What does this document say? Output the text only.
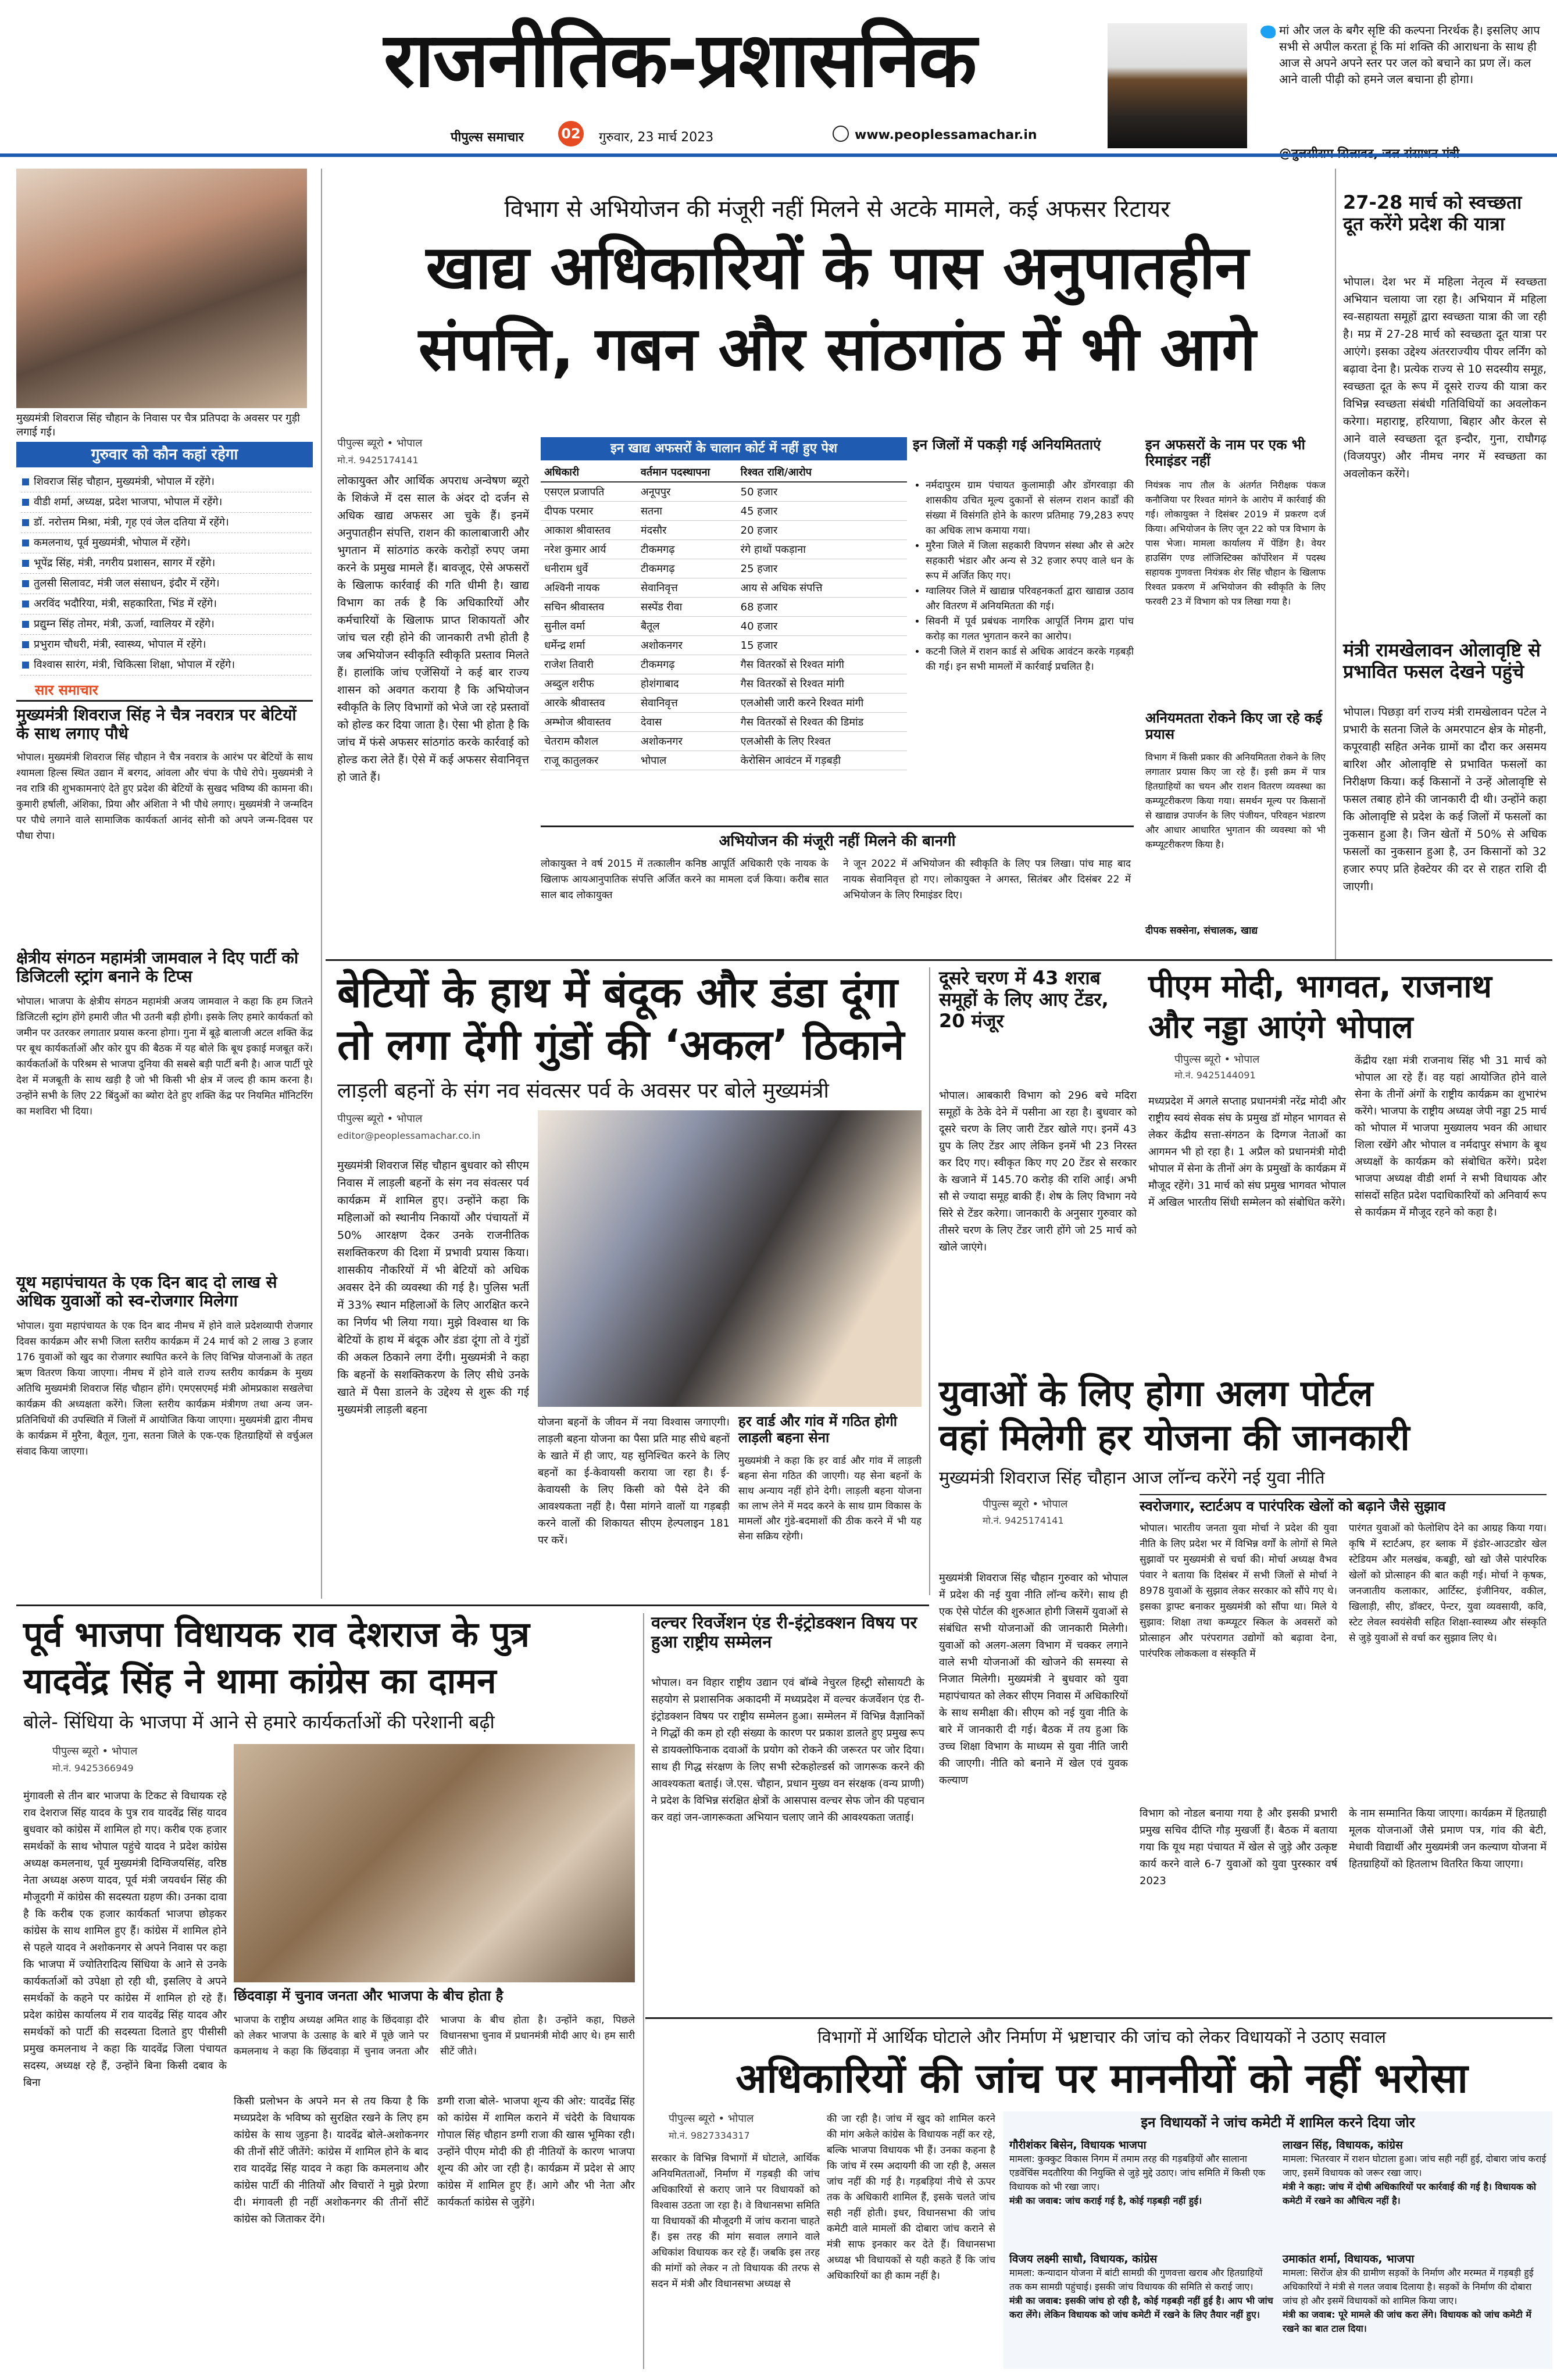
राजनीतिक-प्रशासनिक
पीपुल्स समाचार	02 गुरुवार, 23 मार्च 2023	www.peoplessamachar.in
मां और जल के बगैर सृष्टि की कल्पना निरर्थक है। इसलिए आप सभी से अपील करता हूं कि मां शक्ति की आराधना के साथ ही आज से अपने अपने स्तर पर जल को बचाने का प्रण लें। कल आने वाली पीढ़ी को हमने जल बचाना ही होगा।
मुख्यमंत्री शिवराज सिंह चौहान के निवास पर चैत्र प्रतिपदा के अवसर पर गुड़ी लगाई गई।
गुरुवार को कौन कहां रहेगा
शिवराज सिंह चौहान, मुख्यमंत्री, भोपाल में रहेंगे।
वीडी शर्मा, अध्यक्ष, प्रदेश भाजपा, भोपाल में रहेंगे।
डॉ. नरोत्तम मिश्रा, मंत्री, गृह एवं जेल दतिया में रहेंगे।
कमलनाथ, पूर्व मुख्यमंत्री, भोपाल में रहेंगे।
भूपेंद्र सिंह, मंत्री, नगरीय प्रशासन, सागर में रहेंगे।
तुलसी सिलावट, मंत्री जल संसाधन, इंदौर में रहेंगे।
अरविंद भदौरिया, मंत्री, सहकारिता, भिंड में रहेंगे।
प्रद्युम्न सिंह तोमर, मंत्री, ऊर्जा, ग्वालियर में रहेंगे।
प्रभुराम चौधरी, मंत्री, स्वास्थ्य, भोपाल में रहेंगे।
विश्वास सारंग, मंत्री, चिकित्सा शिक्षा, भोपाल में रहेंगे।
सार समाचार
मुख्यमंत्री शिवराज सिंह ने चैत्र नवरात्र पर बेटियों के साथ लगाए पौधे
भोपाल। मुख्यमंत्री शिवराज सिंह चौहान ने चैत्र नवरात्र के आरंभ पर बेटियों के साथ श्यामला हिल्स स्थित उद्यान में बरगद, आंवला और चंपा के पौधे रोपे। मुख्यमंत्री ने नव रात्रि की शुभकामनाएं देते हुए प्रदेश की बेटियों के सुखद भविष्य की कामना की। कुमारी हर्षाली, अंशिका, प्रिया और अंशिता ने भी पौधे लगाए। मुख्यमंत्री ने जन्मदिन पर पौधे लगाने वाले सामाजिक कार्यकर्ता आनंद सोनी को अपने जन्म-दिवस पर पौधा रोपा।
क्षेत्रीय संगठन महामंत्री जामवाल ने दिए पार्टी को डिजिटली स्ट्रांग बनाने के टिप्स
भोपाल। भाजपा के क्षेत्रीय संगठन महामंत्री अजय जामवाल ने कहा कि हम जितने डिजिटली स्ट्रांग होंगे हमारी जीत भी उतनी बड़ी होगी। इसके लिए हमारे कार्यकर्ता को जमीन पर उतरकर लगातार प्रयास करना होगा। गुना में बूढ़े बालाजी अटल शक्ति केंद्र पर बूथ कार्यकर्ताओं और कोर ग्रुप की बैठक में यह बोले कि बूथ इकाई मजबूत करें। कार्यकर्ताओं के परिश्रम से भाजपा दुनिया की सबसे बड़ी पार्टी बनी है। आज पार्टी पूरे देश में मजबूती के साथ खड़ी है जो भी किसी भी क्षेत्र में जल्द ही काम करना है। उन्होंने सभी के लिए 22 बिंदुओं का ब्योरा देते हुए शक्ति केंद्र पर नियमित मॉनिटरिंग का मशविरा भी दिया।
यूथ महापंचायत के एक दिन बाद दो लाख से अधिक युवाओं को स्व-रोजगार मिलेगा
भोपाल। युवा महापंचायत के एक दिन बाद नीमच में होने वाले प्रदेशव्यापी रोजगार दिवस कार्यक्रम और सभी जिला स्तरीय कार्यक्रम में 24 मार्च को 2 लाख 3 हजार 176 युवाओं को खुद का रोजगार स्थापित करने के लिए विभिन्न योजनाओं के तहत ऋण वितरण किया जाएगा। नीमच में होने वाले राज्य स्तरीय कार्यक्रम के मुख्य अतिथि मुख्यमंत्री शिवराज सिंह चौहान होंगे। एमएसएमई मंत्री ओमप्रकाश सखलेचा कार्यक्रम की अध्यक्षता करेंगे। जिला स्तरीय कार्यक्रम मंत्रीगण तथा अन्य जन-प्रतिनिधियों की उपस्थिति में जिलों में आयोजित किया जाएगा। मुख्यमंत्री द्वारा नीमच के कार्यक्रम में मुरैना, बैतूल, गुना, सतना जिले के एक-एक हितग्राहियों से वर्चुअल संवाद किया जाएगा।
विभाग से अभियोजन की मंजूरी नहीं मिलने से अटके मामले, कई अफसर रिटायर
खाद्य अधिकारियों के पास अनुपातहीन
संपत्ति, गबन और सांठगांठ में भी आगे
पीपुल्स ब्यूरो • भोपाल
मो.नं. 9425174141
लोकायुक्त और आर्थिक अपराध अन्वेषण ब्यूरो के शिकंजे में दस साल के अंदर दो दर्जन से अधिक खाद्य अफसर आ चुके हैं। इनमें अनुपातहीन संपत्ति, राशन की कालाबाजारी और भुगतान में सांठगांठ करके करोड़ों रुपए जमा करने के प्रमुख मामले हैं। बावजूद, ऐसे अफसरों के खिलाफ कार्रवाई की गति धीमी है। खाद्य विभाग का तर्क है कि अधिकारियों और कर्मचारियों के खिलाफ प्राप्त शिकायतों और जांच चल रही होने की जानकारी तभी होती है जब अभियोजन स्वीकृति स्वीकृति प्रस्ताव मिलते हैं। हालांकि जांच एजेंसियों ने कई बार राज्य शासन को अवगत कराया है कि अभियोजन स्वीकृति के लिए विभागों को भेजे जा रहे प्रस्तावों को होल्ड कर दिया जाता है। ऐसा भी होता है कि जांच में फंसे अफसर सांठगांठ करके कार्रवाई को होल्ड करा लेते हैं। ऐसे में कई अफसर सेवानिवृत्त हो जाते हैं।
इन खाद्य अफसरों के चालान कोर्ट में नहीं हुए पेश
अधिकारी	वर्तमान पदस्थापना	रिश्वत राशि/आरोप
एसएल प्रजापति	अनूपपुर	50 हजार
दीपक परमार	सतना	45 हजार
आकाश श्रीवास्तव	मंदसौर	20 हजार
नरेश कुमार आर्य	टीकमगढ़	रंगे हाथों पकड़ाना
धनीराम धुर्वे	टीकमगढ़	25 हजार
अश्विनी नायक	सेवानिवृत्त	आय से अधिक संपत्ति
सचिन श्रीवास्तव	सस्पेंड रीवा	68 हजार
सुनील वर्मा	बैतूल	40 हजार
धर्मेन्द्र शर्मा	अशोकनगर	15 हजार
राजेश तिवारी	टीकमगढ़	गैस वितरकों से रिश्वत मांगी
अब्दुल शरीफ	होशंगाबाद	गैस वितरकों से रिश्वत मांगी
आरके श्रीवास्तव	सेवानिवृत्त	एलओसी जारी करने रिश्वत मांगी
अम्भोज श्रीवास्तव	देवास	गैस वितरकों से रिश्वत की डिमांड
चेतराम कौशल	अशोकनगर	एलओसी के लिए रिश्वत
राजू कातुलकर	भोपाल	केरोसिन आवंटन में गड़बड़ी
इन जिलों में पकड़ी गई अनियमितताएं
• नर्मदापुरम ग्राम पंचायत कुलामाड़ी और डोंगरवाड़ा की शासकीय उचित मूल्य दुकानों से संलग्न राशन कार्डों की संख्या में विसंगति होने के कारण प्रतिमाह 79,283 रुपए का अधिक लाभ कमाया गया।
• मुरैना जिले में जिला सहकारी विपणन संस्था और से अटेर सहकारी भंडार और अन्य से 32 हजार रुपए वाले धन के रूप में अर्जित किए गए।
• ग्वालियर जिले में खाद्यान्न परिवहनकर्ता द्वारा खाद्यान्न उठाव और वितरण में अनियमितता की गई।
• सिवनी में पूर्व प्रबंधक नागरिक आपूर्ति निगम द्वारा पांच करोड़ का गलत भुगतान करने का आरोप।
• कटनी जिले में राशन कार्ड से अधिक आवंटन करके गड़बड़ी की गई। इन सभी मामलों में कार्रवाई प्रचलित है।
इन अफसरों के नाम पर एक भी रिमाइंडर नहीं
नियंत्रक नाप तौल के अंतर्गत निरीक्षक पंकज कनौजिया पर रिश्वत मांगने के आरोप में कार्रवाई की गई। लोकायुक्त ने दिसंबर 2019 में प्रकरण दर्ज किया। अभियोजन के लिए जून 22 को पत्र विभाग के पास भेजा। मामला कार्यालय में पेंडिंग है। वेयर हाउसिंग एण्ड लॉजिस्टिक्स कॉर्पोरेशन में पदस्थ सहायक गुणवत्ता नियंत्रक शेर सिंह चौहान के खिलाफ रिश्वत प्रकरण में अभियोजन की स्वीकृति के लिए फरवरी 23 में विभाग को पत्र लिखा गया है।
अनियमतता रोकने किए जा रहे कई प्रयास
विभाग में किसी प्रकार की अनियमितता रोकने के लिए लगातार प्रयास किए जा रहे हैं। इसी क्रम में पात्र हितग्राहियों का चयन और राशन वितरण व्यवस्था का कम्प्यूटरीकरण किया गया। समर्थन मूल्य पर किसानों से खाद्यान्न उपार्जन के लिए पंजीयन, परिवहन भंडारण और आधार आधारित भुगतान की व्यवस्था को भी कम्प्यूटरीकरण किया है।
दीपक सक्सेना, संचालक, खाद्य
अभियोजन की मंजूरी नहीं मिलने की बानगी
लोकायुक्त ने वर्ष 2015 में तत्कालीन कनिष्ठ आपूर्ति अधिकारी एके नायक के खिलाफ आयआनुपातिक संपत्ति अर्जित करने का मामला दर्ज किया। करीब सात साल बाद लोकायुक्त
ने जून 2022 में अभियोजन की स्वीकृति के लिए पत्र लिखा। पांच माह बाद नायक सेवानिवृत्त हो गए। लोकायुक्त ने अगस्त, सितंबर और दिसंबर 22 में अभियोजन के लिए रिमाइंडर दिए।
27-28 मार्च को स्वच्छता दूत करेंगे प्रदेश की यात्रा
भोपाल। देश भर में महिला नेतृत्व में स्वच्छता अभियान चलाया जा रहा है। अभियान में महिला स्व-सहायता समूहों द्वारा स्वच्छता यात्रा की जा रही है। मप्र में 27-28 मार्च को स्वच्छता दूत यात्रा पर आएंगे। इसका उद्देश्य अंतरराज्यीय पीयर लर्निंग को बढ़ावा देना है। प्रत्येक राज्य से 10 सदस्यीय समूह, स्वच्छता दूत के रूप में दूसरे राज्य की यात्रा कर विभिन्न स्वच्छता संबंधी गतिविधियों का अवलोकन करेगा। महाराष्ट्र, हरियाणा, बिहार और केरल से आने वाले स्वच्छता दूत इन्दौर, गुना, राघौगढ़ (विजयपुर) और नीमच नगर में स्वच्छता का अवलोकन करेंगे।
मंत्री रामखेलावन ओलावृष्टि से प्रभावित फसल देखने पहुंचे
भोपाल। पिछड़ा वर्ग राज्य मंत्री रामखेलावन पटेल ने प्रभारी के सतना जिले के अमरपाटन क्षेत्र के मोहनी, कपूरवाही सहित अनेक ग्रामों का दौरा कर असमय बारिश और ओलावृष्टि से प्रभावित फसलों का निरीक्षण किया। कई किसानों ने उन्हें ओलावृष्टि से फसल तबाह होने की जानकारी दी थी। उन्होंने कहा कि ओलावृष्टि से प्रदेश के कई जिलों में फसलों का नुकसान हुआ है। जिन खेतों में 50% से अधिक फसलों का नुकसान हुआ है, उन किसानों को 32 हजार रुपए प्रति हेक्टेयर की दर से राहत राशि दी जाएगी।
बेटियों के हाथ में बंदूक और डंडा दूंगा
तो लगा देंगी गुंडों की ‘अकल’ ठिकाने
लाड़ली बहनों के संग नव संवत्सर पर्व के अवसर पर बोले मुख्यमंत्री
पीपुल्स ब्यूरो • भोपाल
editor@peoplessamachar.co.in
मुख्यमंत्री शिवराज सिंह चौहान बुधवार को सीएम निवास में लाड़ली बहनों के संग नव संवत्सर पर्व कार्यक्रम में शामिल हुए। उन्होंने कहा कि महिलाओं को स्थानीय निकायों और पंचायतों में 50% आरक्षण देकर उनके राजनीतिक सशक्तिकरण की दिशा में प्रभावी प्रयास किया। शासकीय नौकरियों में भी बेटियों को अधिक अवसर देने की व्यवस्था की गई है। पुलिस भर्ती में 33% स्थान महिलाओं के लिए आरक्षित करने का निर्णय भी लिया गया। मुझे विश्वास था कि बेटियों के हाथ में बंदूक और डंडा दूंगा तो वे गुंडों की अकल ठिकाने लगा देंगी। मुख्यमंत्री ने कहा कि बहनों के सशक्तिकरण के लिए सीधे उनके खाते में पैसा डालने के उद्देश्य से शुरू की गई मुख्यमंत्री लाड़ली बहना
योजना बहनों के जीवन में नया विश्वास जगाएगी। लाड़ली बहना योजना का पैसा प्रति माह सीधे बहनों के खाते में ही जाए, यह सुनिश्चित करने के लिए बहनों का ई-केवायसी कराया जा रहा है। ई-केवायसी के लिए किसी को पैसे देने की आवश्यकता नहीं है। पैसा मांगने वालों या गड़बड़ी करने वालों की शिकायत सीएम हेल्पलाइन 181 पर करें।
हर वार्ड और गांव में गठित होगी लाड़ली बहना सेना
मुख्यमंत्री ने कहा कि हर वार्ड और गांव में लाड़ली बहना सेना गठित की जाएगी। यह सेना बहनों के साथ अन्याय नहीं होने देगी। लाड़ली बहना योजना का लाभ लेने में मदद करने के साथ ग्राम विकास के मामलों और गुंडे-बदमाशों की ठीक करने में भी यह सेना सक्रिय रहेगी।
दूसरे चरण में 43 शराब समूहों के लिए आए टेंडर, 20 मंजूर
भोपाल। आबकारी विभाग को 296 बचे मदिरा समूहों के ठेके देने में पसीना आ रहा है। बुधवार को दूसरे चरण के लिए जारी टेंडर खोले गए। इनमें 43 ग्रुप के लिए टेंडर आए लेकिन इनमें भी 23 निरस्त कर दिए गए। स्वीकृत किए गए 20 टेंडर से सरकार के खजाने में 145.70 करोड़ की राशि आई। अभी सौ से ज्यादा समूह बाकी हैं। शेष के लिए विभाग नये सिरे से टेंडर करेगा। जानकारी के अनुसार गुरुवार को तीसरे चरण के लिए टेंडर जारी होंगे जो 25 मार्च को खोले जाएंगे।
पीएम मोदी, भागवत, राजनाथ
और नड्डा आएंगे भोपाल
पीपुल्स ब्यूरो • भोपाल
मो.नं. 9425144091
मध्यप्रदेश में अगले सप्ताह प्रधानमंत्री नरेंद्र मोदी और राष्ट्रीय स्वयं सेवक संघ के प्रमुख डॉ मोहन भागवत से लेकर केंद्रीय सत्ता-संगठन के दिग्गज नेताओं का आगमन भी हो रहा है। 1 अप्रैल को प्रधानमंत्री मोदी भोपाल में सेना के तीनों अंग के प्रमुखों के कार्यक्रम में मौजूद रहेंगे। 31 मार्च को संघ प्रमुख भागवत भोपाल में अखिल भारतीय सिंधी सम्मेलन को संबोधित करेंगे।
केंद्रीय रक्षा मंत्री राजनाथ सिंह भी 31 मार्च को भोपाल आ रहे हैं। वह यहां आयोजित होने वाले सेना के तीनों अंगों के राष्ट्रीय कार्यक्रम का शुभारंभ करेंगे। भाजपा के राष्ट्रीय अध्यक्ष जेपी नड्डा 25 मार्च को भोपाल में भाजपा मुख्यालय भवन की आधार शिला रखेंगे और भोपाल व नर्मदापुर संभाग के बूथ अध्यक्षों के कार्यक्रम को संबोधित करेंगे। प्रदेश भाजपा अध्यक्ष वीडी शर्मा ने सभी विधायक और सांसदों सहित प्रदेश पदाधिकारियों को अनिवार्य रूप से कार्यक्रम में मौजूद रहने को कहा है।
युवाओं के लिए होगा अलग पोर्टल
वहां मिलेगी हर योजना की जानकारी
मुख्यमंत्री शिवराज सिंह चौहान आज लॉन्च करेंगे नई युवा नीति
पीपुल्स ब्यूरो • भोपाल
मो.नं. 9425174141
मुख्यमंत्री शिवराज सिंह चौहान गुरुवार को भोपाल में प्रदेश की नई युवा नीति लॉन्च करेंगे। साथ ही एक ऐसे पोर्टल की शुरुआत होगी जिसमें युवाओं से संबंधित सभी योजनाओं की जानकारी मिलेगी। युवाओं को अलग-अलग विभाग में चक्कर लगाने वाले सभी योजनाओं की खोजने की समस्या से निजात मिलेगी। मुख्यमंत्री ने बुधवार को युवा महापंचायत को लेकर सीएम निवास में अधिकारियों के साथ समीक्षा की। सीएम को नई युवा नीति के बारे में जानकारी दी गई। बैठक में तय हुआ कि उच्च शिक्षा विभाग के माध्यम से युवा नीति जारी की जाएगी। नीति को बनाने में खेल एवं युवक कल्याण
स्वरोजगार, स्टार्टअप व पारंपरिक खेलों को बढ़ाने जैसे सुझाव
भोपाल। भारतीय जनता युवा मोर्चा ने प्रदेश की युवा नीति के लिए प्रदेश भर में विभिन्न वर्गों के लोगों से मिले सुझावों पर मुख्यमंत्री से चर्चा की। मोर्चा अध्यक्ष वैभव पंवार ने बताया कि दिसंबर में सभी जिलों से मोर्चा ने 8978 युवाओं के सुझाव लेकर सरकार को सौंपे गए थे। इसका ड्राफ्ट बनाकर मुख्यमंत्री को सौंपा था। मिले ये सुझाव: शिक्षा तथा कम्प्यूटर स्किल के अवसरों को प्रोत्साहन और परंपरागत उद्योगों को बढ़ावा देना, पारंपरिक लोककला व संस्कृति में
पारंगत युवाओं को फेलोशिप देने का आग्रह किया गया। कृषि में स्टार्टअप, हर ब्लाक में इंडोर-आउटडोर खेल स्टेडियम और मलखंब, कबड्डी, खो खो जैसे पारंपरिक खेलों को प्रोत्साहन की बात कही गई। मोर्चा ने कृषक, जनजातीय कलाकार, आर्टिस्ट, इंजीनियर, वकील, खिलाड़ी, सीए, डॉक्टर, पेन्टर, युवा व्यवसायी, कवि, स्टेट लेवल स्वयंसेवी सहित शिक्षा-स्वास्थ्य और संस्कृति से जुड़े युवाओं से वर्चा कर सुझाव लिए थे।
विभाग को नोडल बनाया गया है और इसकी प्रभारी प्रमुख सचिव दीप्ति गौड़ मुखर्जी हैं। बैठक में बताया गया कि यूथ महा पंचायत में खेल से जुड़े और उत्कृष्ट कार्य करने वाले 6-7 युवाओं को युवा पुरस्कार वर्ष 2023
के नाम सम्मानित किया जाएगा। कार्यक्रम में हितग्राही मूलक योजनाओं जैसे प्रमाण पत्र, गांव की बेटी, मेधावी विद्यार्थी और मुख्यमंत्री जन कल्याण योजना में हितग्राहियों को हितलाभ वितरित किया जाएगा।
पूर्व भाजपा विधायक राव देशराज के पुत्र
यादवेंद्र सिंह ने थामा कांग्रेस का दामन
बोले- सिंधिया के भाजपा में आने से हमारे कार्यकर्ताओं की परेशानी बढ़ी
पीपुल्स ब्यूरो • भोपाल
मो.नं. 9425366949
मुंगावली से तीन बार भाजपा के टिकट से विधायक रहे राव देशराज सिंह यादव के पुत्र राव यादवेंद्र सिंह यादव बुधवार को कांग्रेस में शामिल हो गए। करीब एक हजार समर्थकों के साथ भोपाल पहुंचे यादव ने प्रदेश कांग्रेस अध्यक्ष कमलनाथ, पूर्व मुख्यमंत्री दिग्विजयसिंह, वरिष्ठ नेता अध्यक्ष अरुण यादव, पूर्व मंत्री जयवर्धन सिंह की मौजूदगी में कांग्रेस की सदस्यता ग्रहण की। उनका दावा है कि करीब एक हजार कार्यकर्ता भाजपा छोड़कर कांग्रेस के साथ शामिल हुए हैं। कांग्रेस में शामिल होने से पहले यादव ने अशोकनगर से अपने निवास पर कहा कि भाजपा में ज्योतिरादित्य सिंधिया के आने से उनके कार्यकर्ताओं को उपेक्षा हो रही थी, इसलिए वे अपने समर्थकों के कहने पर कांग्रेस में शामिल हो रहे हैं। प्रदेश कांग्रेस कार्यालय में राव यादवेंद्र सिंह यादव और समर्थकों को पार्टी की सदस्यता दिलाते हुए पीसीसी प्रमुख कमलनाथ ने कहा कि यादवेंद्र जिला पंचायत सदस्य, अध्यक्ष रहे हैं, उन्होंने बिना किसी दबाव के बिना
छिंदवाड़ा में चुनाव जनता और भाजपा के बीच होता है
भाजपा के राष्ट्रीय अध्यक्ष अमित शाह के छिंदवाड़ा दौरे को लेकर भाजपा के उत्साह के बारे में पूछे जाने पर कमलनाथ ने कहा कि छिंदवाड़ा में चुनाव जनता और भाजपा के बीच होता है। उन्होंने कहा, पिछले विधानसभा चुनाव में प्रधानमंत्री मोदी आए थे। हम सारी सीटें जीते।
किसी प्रलोभन के अपने मन से तय किया है कि मध्यप्रदेश के भविष्य को सुरक्षित रखने के लिए हम कांग्रेस के साथ जुड़ना है। यादवेंद्र बोले-अशोकनगर की तीनों सीटें जीतेंगे: कांग्रेस में शामिल होने के बाद राव यादवेंद्र सिंह यादव ने कहा कि कमलनाथ और कांग्रेस पार्टी की नीतियों और विचारों ने मुझे प्रेरणा दी। मंगावली ही नहीं अशोकनगर की तीनों सीटें कांग्रेस को जिताकर देंगे।
डग्गी राजा बोले- भाजपा शून्य की ओर: यादवेंद्र सिंह को कांग्रेस में शामिल कराने में चंदेरी के विधायक गोपाल सिंह चौहान डग्गी राजा की खास भूमिका रही। उन्होंने पीएम मोदी की ही नीतियों के कारण भाजपा शून्य की ओर जा रही है। कार्यक्रम में प्रदेश से आए कांग्रेस में शामिल हुए हैं। आगे और भी नेता और कार्यकर्ता कांग्रेस से जुड़ेंगे।
वल्चर रिवर्जेशन एंड री-इंट्रोडक्शन विषय पर हुआ राष्ट्रीय सम्मेलन
भोपाल। वन विहार राष्ट्रीय उद्यान एवं बॉम्बे नेचुरल हिस्ट्री सोसायटी के सहयोग से प्रशासनिक अकादमी में मध्यप्रदेश में वल्चर कंजर्वेशन एंड री-इंट्रोडक्शन विषय पर राष्ट्रीय सम्मेलन हुआ। सम्मेलन में विभिन्न वैज्ञानिकों ने गिद्धों की कम हो रही संख्या के कारण पर प्रकाश डालते हुए प्रमुख रूप से डायक्लोफिनाक दवाओं के प्रयोग को रोकने की जरूरत पर जोर दिया। साथ ही गिद्ध संरक्षण के लिए सभी स्टेकहोल्डर्स को जागरूक करने की आवश्यकता बताई। जे.एस. चौहान, प्रधान मुख्य वन संरक्षक (वन्य प्राणी) ने प्रदेश के विभिन्न संरक्षित क्षेत्रों के आसपास वल्चर सेफ जोन की पहचान कर वहां जन-जागरूकता अभियान चलाए जाने की आवश्यकता जताई।
विभागों में आर्थिक घोटाले और निर्माण में भ्रष्टाचार की जांच को लेकर विधायकों ने उठाए सवाल
अधिकारियों की जांच पर माननीयों को नहीं भरोसा
पीपुल्स ब्यूरो • भोपाल
मो.नं. 9827334317
सरकार के विभिन्न विभागों में घोटाले, आर्थिक अनियमितताओं, निर्माण में गड़बड़ी की जांच अधिकारियों से कराए जाने पर विधायकों को विश्वास उठता जा रहा है। वे विधानसभा समिति या विधायकों की मौजूदगी में जांच कराना चाहते हैं। इस तरह की मांग सवाल लगाने वाले अधिकांश विधायक कर रहे हैं। जबकि इस तरह की मांगों को लेकर न तो विधायक की तरफ से सदन में मंत्री और विधानसभा अध्यक्ष से
की जा रही है। जांच में खुद को शामिल करने की मांग अकेले कांग्रेस के विधायक नहीं कर रहे, बल्कि भाजपा विधायक भी हैं। उनका कहना है कि जांच में रस्म अदायगी की जा रही है, असल जांच नहीं की गई है। गड़बड़ियां नीचे से ऊपर तक के अधिकारी शामिल हैं, इसके चलते जांच सही नहीं होती। इधर, विधानसभा की जांच कमेटी वाले मामलों की दोबारा जांच कराने से मंत्री साफ इनकार कर देते हैं। विधानसभा अध्यक्ष भी विधायकों से यही कहते हैं कि जांच अधिकारियों का ही काम नहीं है।
इन विधायकों ने जांच कमेटी में शामिल करने दिया जोर
गौरीशंकर बिसेन, विधायक भाजपा
मामला: कुक्कुट विकास निगम में तमाम तरह की गड़बड़ियों और सालाना एडवेंचिंस मदतौरिया की नियुक्ति से जुड़े मुद्दे उठाए। जांच समिति में किसी एक विधायक को भी रखा जाए।
मंत्री का जवाब: जांच कराई गई है, कोई गड़बड़ी नहीं हुई।
विजय लक्ष्मी साधौ, विधायक, कांग्रेस
मामला: कन्यादान योजना में बांटी सामग्री की गुणवत्ता खराब और हितग्राहियों तक कम सामग्री पहुंचाई। इसकी जांच विधायक की समिति से कराई जाए।
मंत्री का जवाब: इसकी जांच हो रही है, कोई गड़बड़ी नहीं हुई है। आप भी जांच करा लेंगे। लेकिन विधायक को जांच कमेटी में रखने के लिए तैयार नहीं हुए।
लाखन सिंह, विधायक, कांग्रेस
मामला: भितरवार में राशन घोटाला हुआ। जांच सही नहीं हुई, दोबारा जांच कराई जाए, इसमें विधायक को जरूर रखा जाए।
मंत्री ने कहा: जांच में दोषी अधिकारियों पर कार्रवाई की गई है। विधायक को कमेटी में रखने का औचित्य नहीं है।
उमाकांत शर्मा, विधायक, भाजपा
मामला: सिरोंज क्षेत्र की ग्रामीण सड़कों के निर्माण और मरम्मत में गड़बड़ी हुई अधिकारियों ने मंत्री से गलत जवाब दिलाया है। सड़कों के निर्माण की दोबारा जांच हो और इसमें विधायकों को शामिल किया जाए।
मंत्री का जवाब: पूरे मामले की जांच करा लेंगे। विधायक को जांच कमेटी में रखने का बात टाल दिया।
